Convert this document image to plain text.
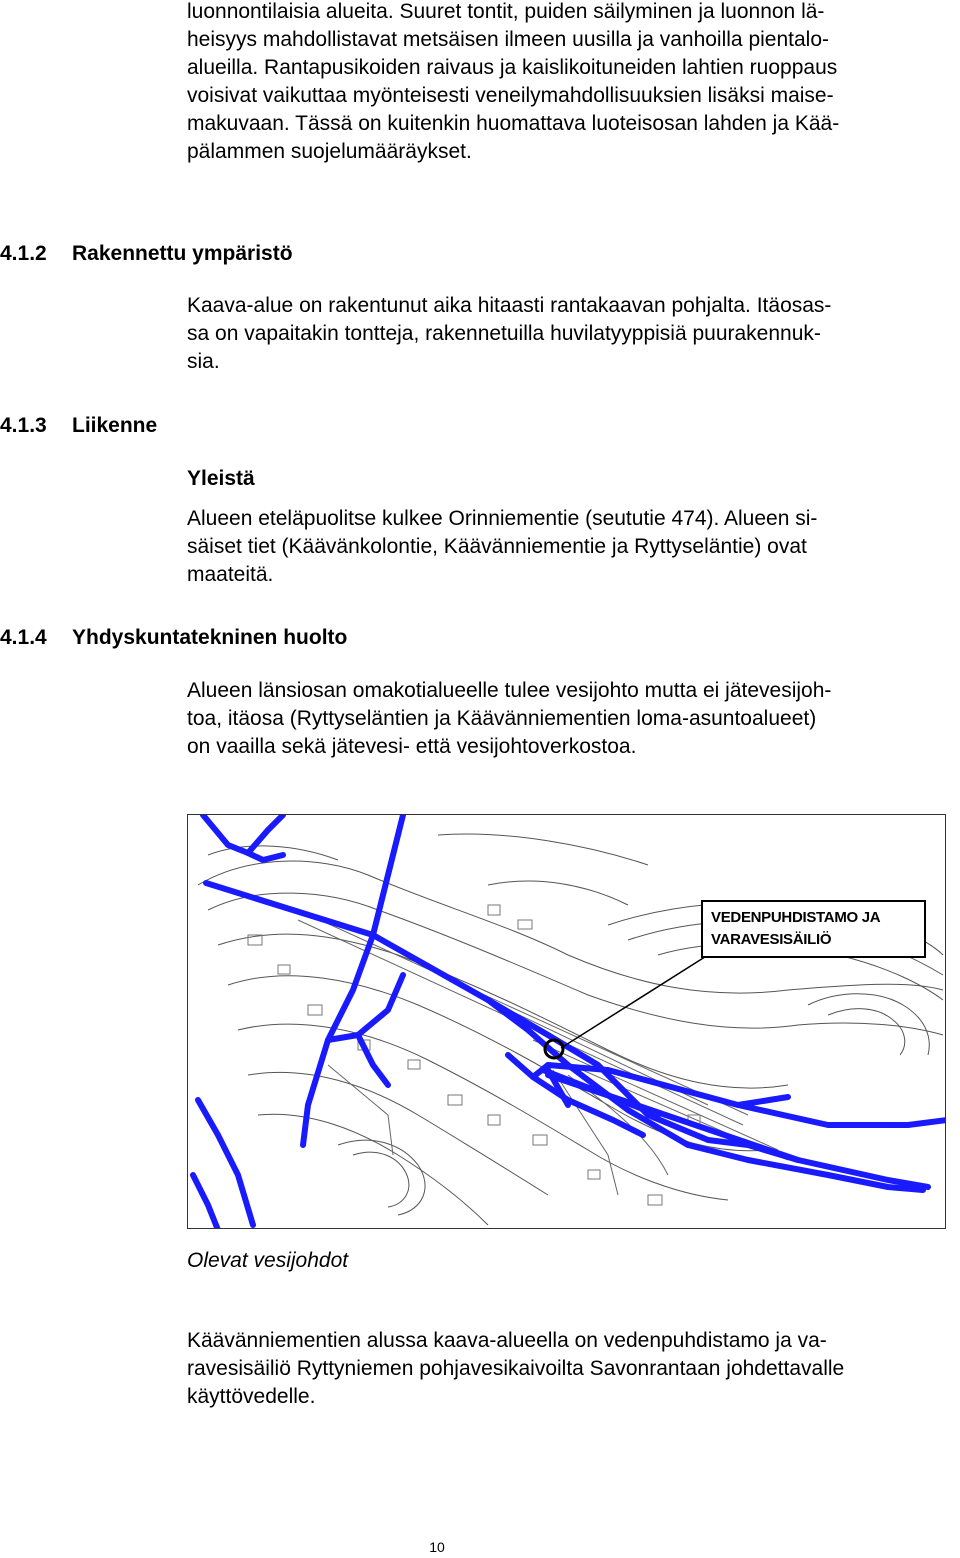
luonnontilaisia alueita. Suuret tontit, puiden säilyminen ja luonnon lä-

heisyys mahdollistavat metsäisen ilmeen uusilla ja vanhoilla pientalo-

alueilla. Rantapusikoiden raivaus ja kaislikoituneiden lahtien ruoppaus

voisivat vaikuttaa myönteisesti veneilymahdollisuuksien lisäksi maise-

makuvaan. Tässä on kuitenkin huomattava luoteisosan lahden ja Kää-

pälammen suojelumääräykset.

4.1.2 Rakennettu ympäristö

Kaava-alue on rakentunut aika hitaasti rantakaavan pohjalta. Itäosas-

sa on vapaitakin tontteja, rakennetuilla huvilatyyppisiä puurakennuk-

sia.

4.1.3 Liikenne

Yleistä

Alueen eteläpuolitse kulkee Orinniementie (seututie 474). Alueen si-

säiset tiet (Käävänkolontie, Käävänniementie ja Ryttyseläntie) ovat

maateitä.

4.1.4 Yhdyskuntatekninen huolto

Alueen länsiosan omakotialueelle tulee vesijohto mutta ei jätevesijoh-

toa, itäosa (Ryttyseläntien ja Käävänniementien loma-asuntoalueet)

on vaailla sekä jätevesi- että vesijohtoverkostoa.

VEDENPUHDISTAMO JA
VARAVESISÄILIÖ

Olevat vesijohdot

Käävänniementien alussa kaava-alueella on vedenpuhdistamo ja va-

ravesisäiliö Ryttyniemen pohjavesikaivoilta Savonrantaan johdettavalle

käyttövedelle.

10
